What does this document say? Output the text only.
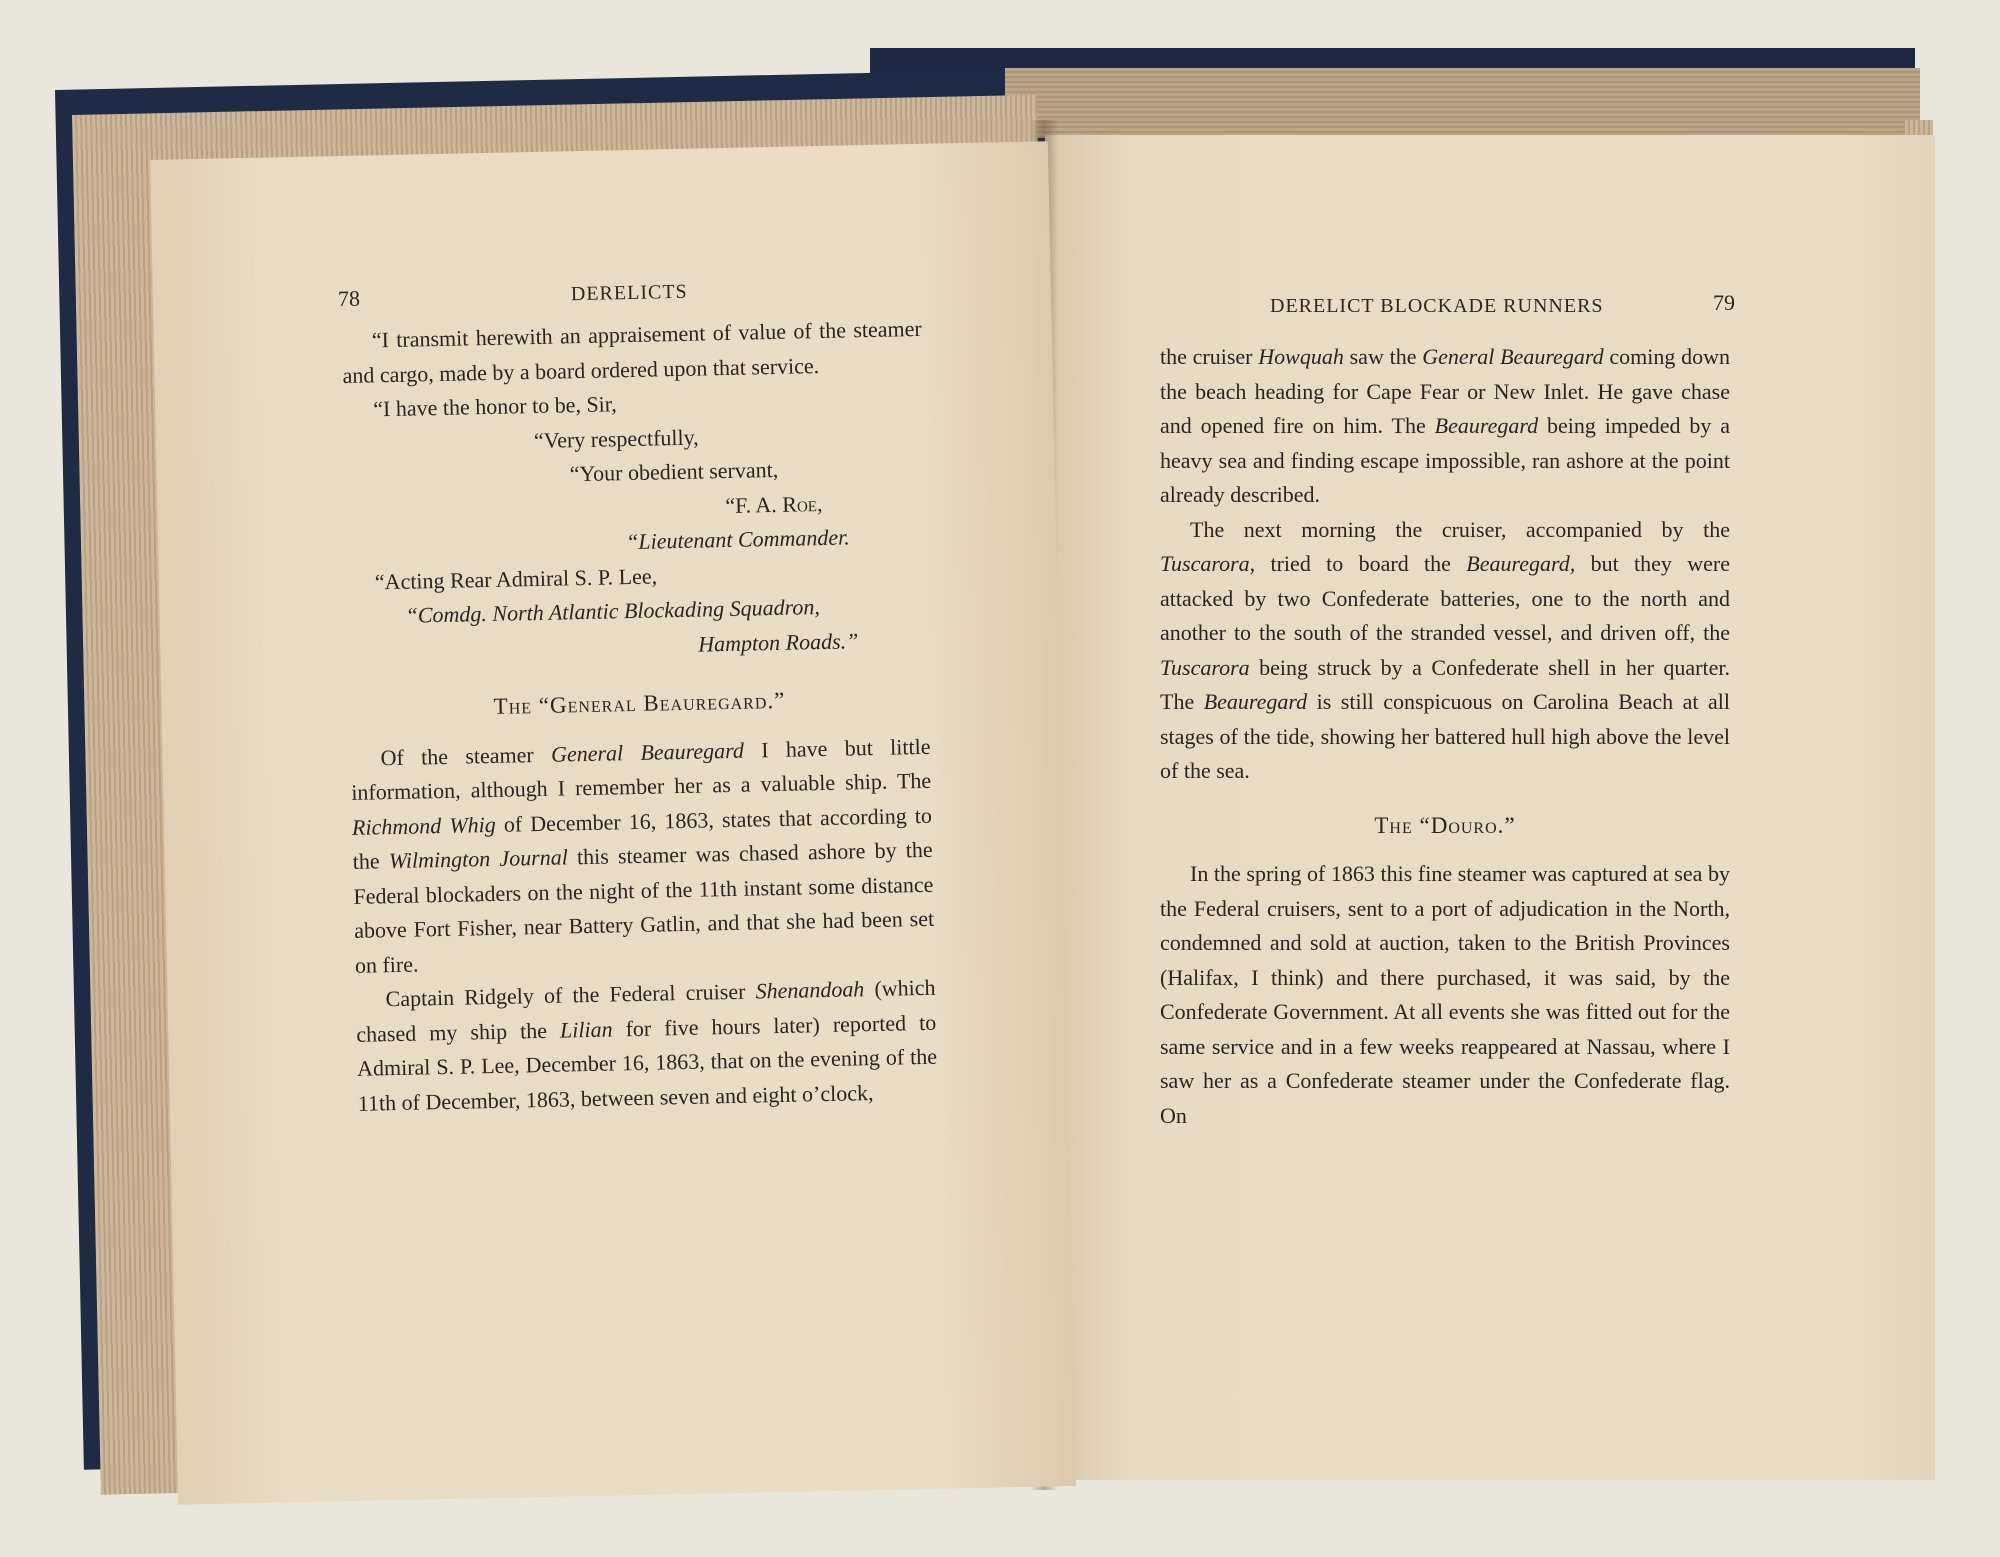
DERELICT BLOCKADE RUNNERS	79

the cruiser Howquah saw the General Beauregard coming down the beach heading for Cape Fear or New Inlet. He gave chase and opened fire on him. The Beauregard being impeded by a heavy sea and finding escape impossible, ran ashore at the point already described.

The next morning the cruiser, accompanied by the Tuscarora, tried to board the Beauregard, but they were attacked by two Confederate batteries, one to the north and another to the south of the stranded vessel, and driven off, the Tuscarora being struck by a Confederate shell in her quarter. The Beauregard is still conspicuous on Carolina Beach at all stages of the tide, showing her battered hull high above the level of the sea.

The “Douro.”

In the spring of 1863 this fine steamer was captured at sea by the Federal cruisers, sent to a port of adjudication in the North, condemned and sold at auction, taken to the British Provinces (Halifax, I think) and there purchased, it was said, by the Confederate Government. At all events she was fitted out for the same service and in a few weeks reappeared at Nassau, where I saw her as a Confederate steamer under the Confederate flag. On

78	DERELICTS

“I transmit herewith an appraisement of value of the steamer and cargo, made by a board ordered upon that service.

“I have the honor to be, Sir,

“Very respectfully,
“Your obedient servant,
“F. A. Roe,
“Lieutenant Commander.
“Acting Rear Admiral S. P. Lee,
“Comdg. North Atlantic Blockading Squadron,
Hampton Roads.”

The “General Beauregard.”

Of the steamer General Beauregard I have but little information, although I remember her as a valuable ship. The Richmond Whig of December 16, 1863, states that according to the Wilmington Journal this steamer was chased ashore by the Federal blockaders on the night of the 11th instant some distance above Fort Fisher, near Battery Gatlin, and that she had been set on fire.

Captain Ridgely of the Federal cruiser Shenandoah (which chased my ship the Lilian for five hours later) reported to Admiral S. P. Lee, December 16, 1863, that on the evening of the 11th of December, 1863, between seven and eight o’clock,
